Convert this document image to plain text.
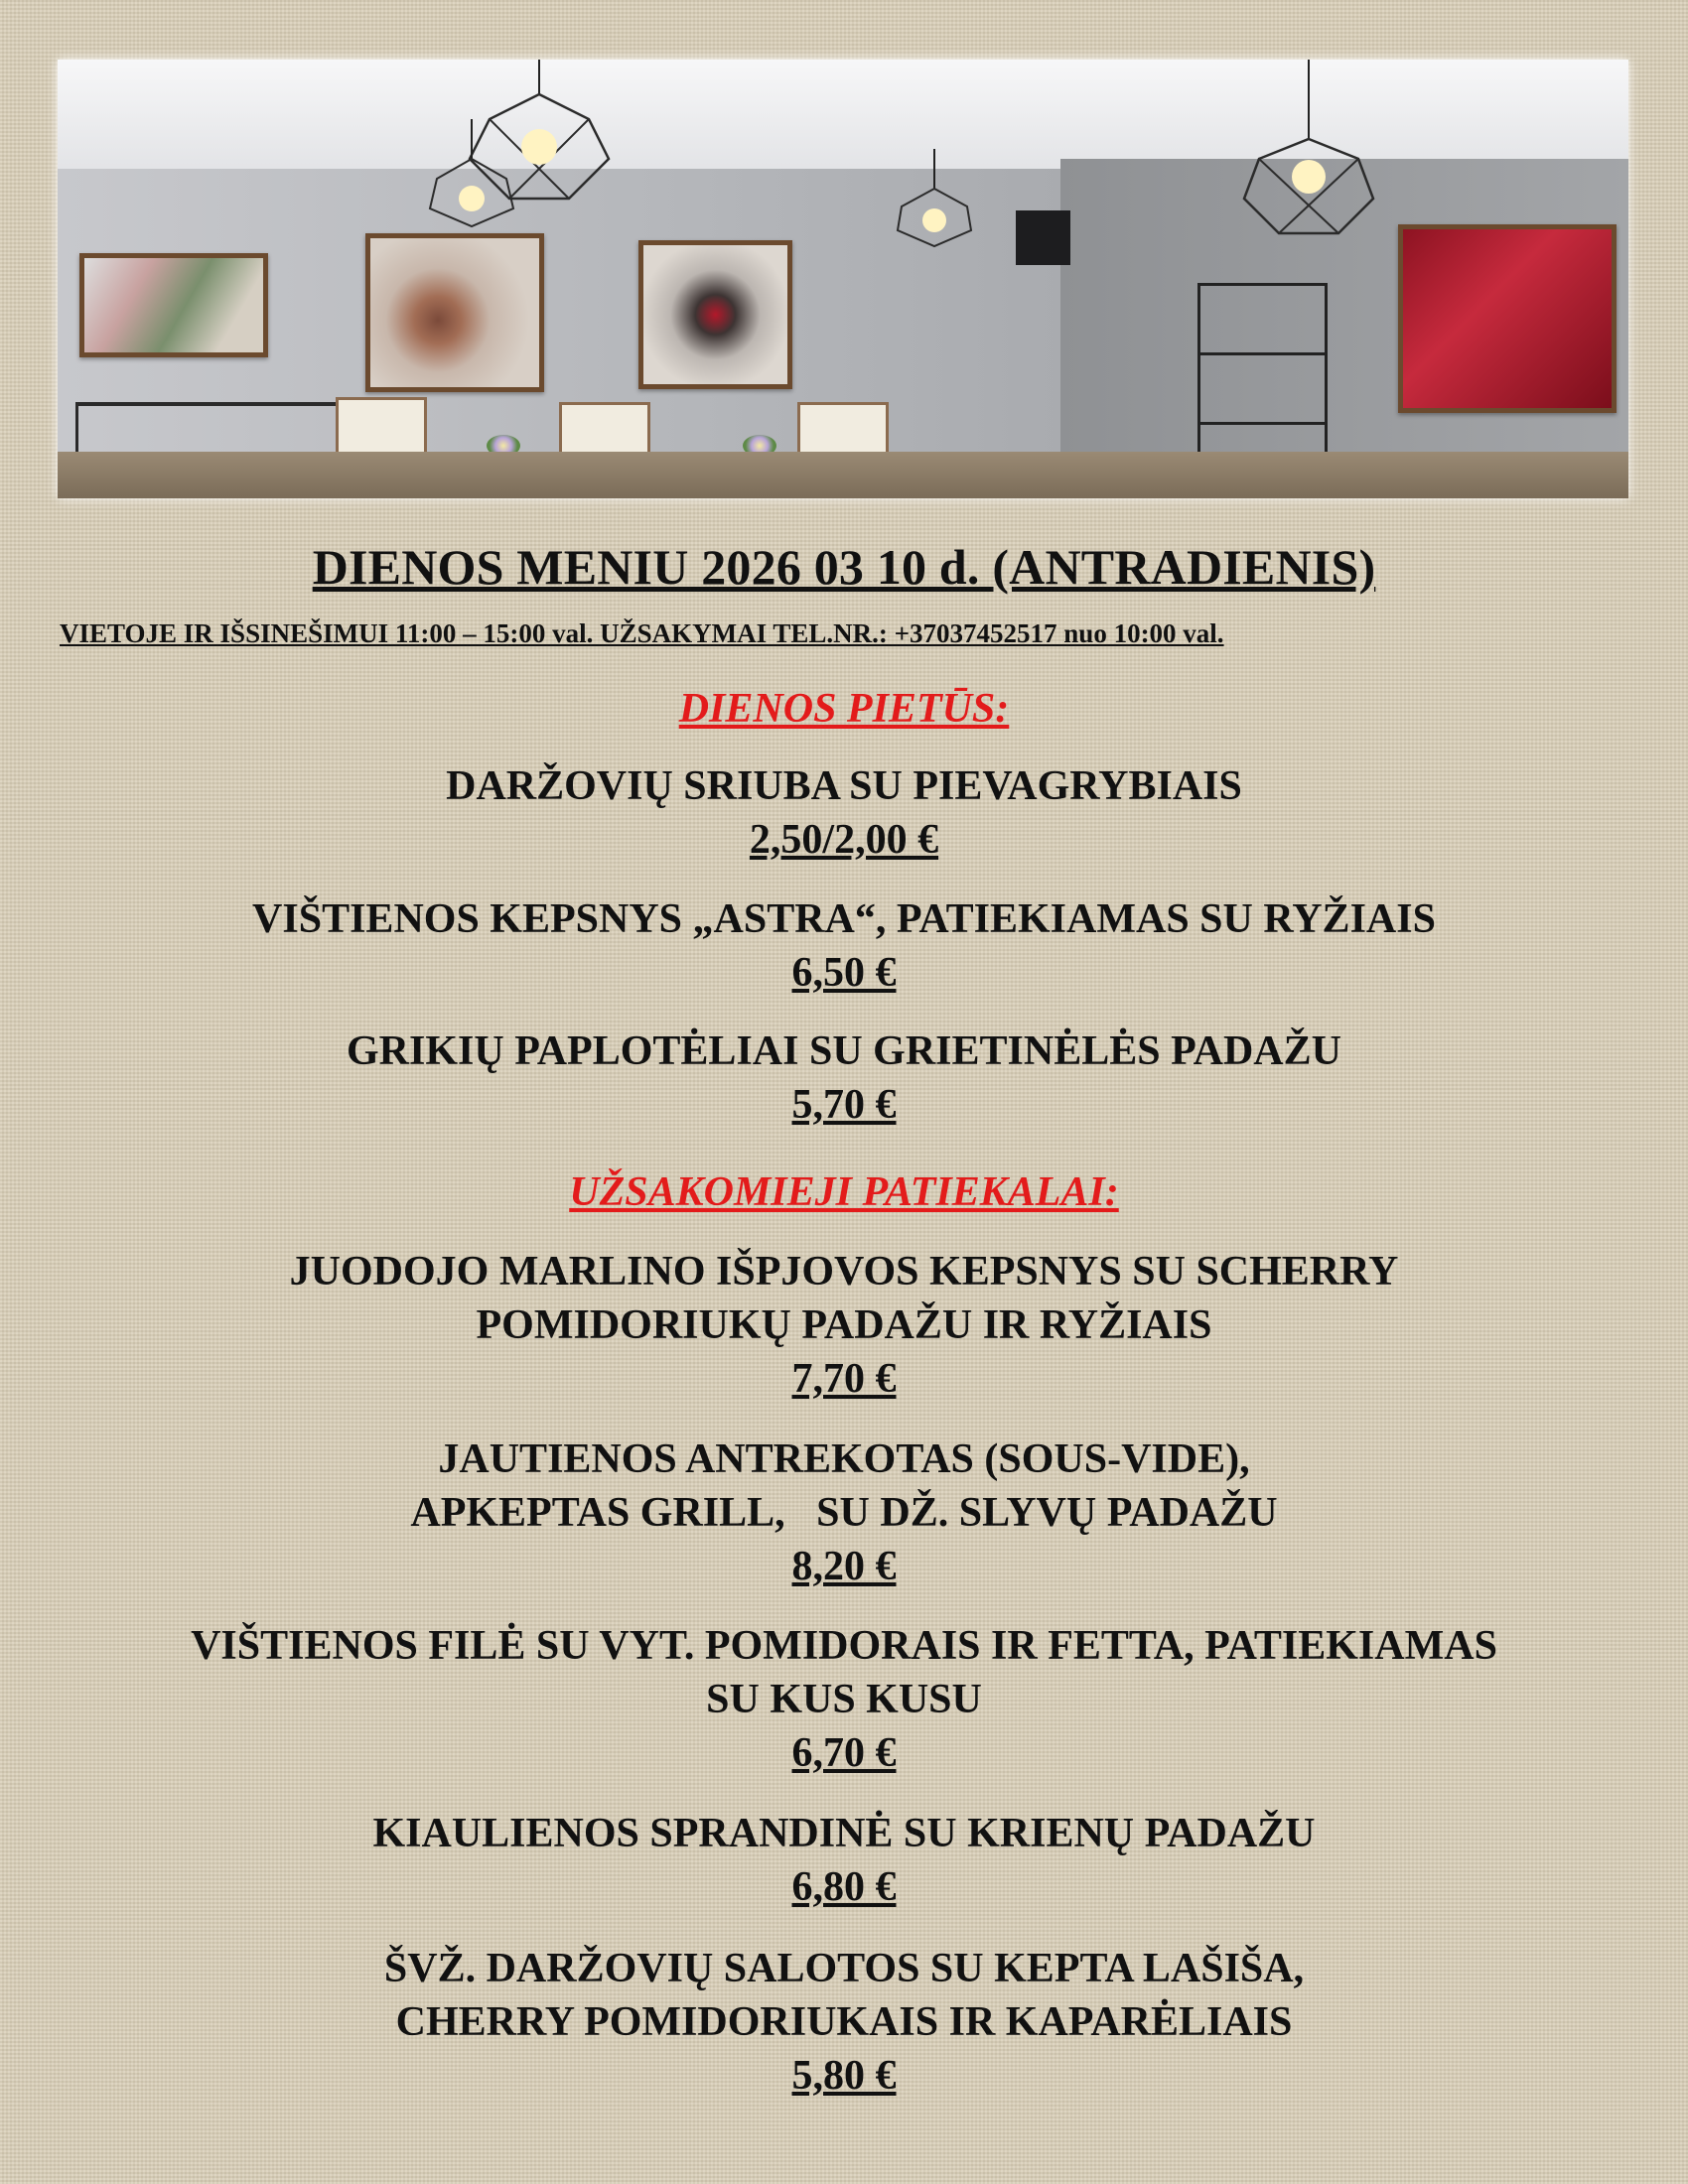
DIENOS MENIU 2026 03 10 d. (ANTRADIENIS)

VIETOJE IR IŠSINEŠIMUI 11:00 – 15:00 val. UŽSAKYMAI TEL.NR.: +37037452517 nuo 10:00 val.

DIENOS PIETŪS:
DARŽOVIŲ SRIUBA SU PIEVAGRYBIAIS
2,50/2,00 €
VIŠTIENOS KEPSNYS „ASTRA“, PATIEKIAMAS SU RYŽIAIS
6,50 €
GRIKIŲ PAPLOTĖLIAI SU GRIETINĖLĖS PADAŽU
5,70 €
UŽSAKOMIEJI PATIEKALAI:
JUODOJO MARLINO IŠPJOVOS KEPSNYS SU SCHERRY
POMIDORIUKŲ PADAŽU IR RYŽIAIS
7,70 €
JAUTIENOS ANTREKOTAS (SOUS-VIDE),
APKEPTAS GRILL,   SU DŽ. SLYVŲ PADAŽU
8,20 €
VIŠTIENOS FILĖ SU VYT. POMIDORAIS IR FETTA, PATIEKIAMAS
SU KUS KUSU
6,70 €
KIAULIENOS SPRANDINĖ SU KRIENŲ PADAŽU
6,80 €
ŠVŽ. DARŽOVIŲ SALOTOS SU KEPTA LAŠIŠA,
CHERRY POMIDORIUKAIS IR KAPARĖLIAIS
5,80 €
